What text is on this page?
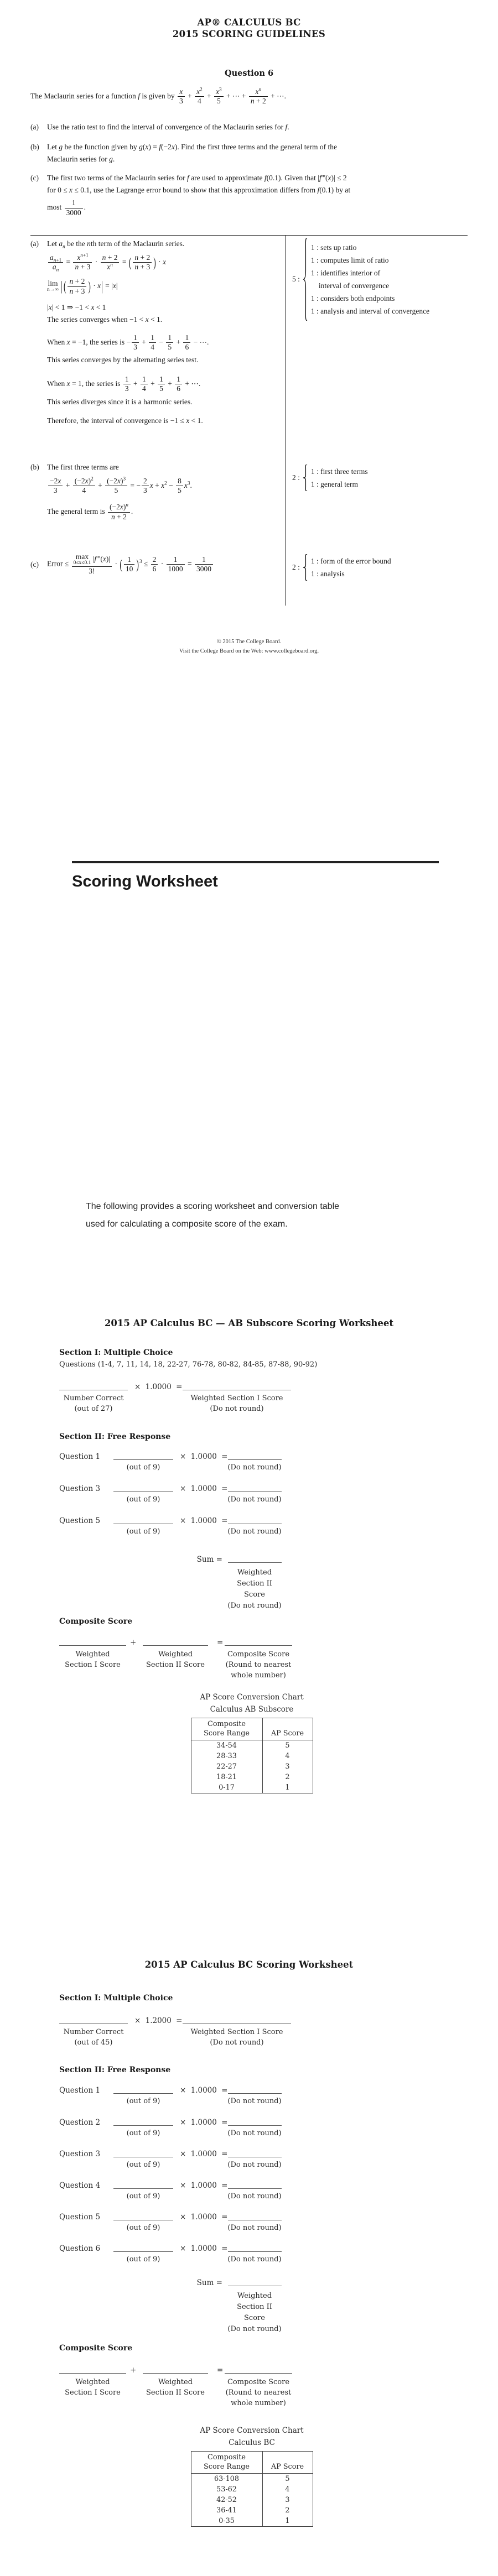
AP® CALCULUS BC
2015 SCORING GUIDELINES
Question 6
The Maclaurin series for a function f is given by $\frac{x}{3} + \frac{x^2}{4} + \frac{x^3}{5}$ + ⋯ + $\frac{x^n}{n + 2}$ + ⋯.
(a)	Use the ratio test to find the interval of convergence of the Maclaurin series for f.
(b)	Let g be the function given by g(x) = f(−2x). Find the first three terms and the general term of the
Maclaurin series for g.
(c)	The first two terms of the Maclaurin series for f are used to approximate f(0.1). Given that |f'''(x)| ≤ 2
for 0 ≤ x ≤ 0.1, use the Lagrange error bound to show that this approximation differs from f(0.1) by at
most $\frac{1}{3000}$ .
(a)	Let $a_n$ be the nth term of the Maclaurin series.
$\frac{a_{n+1}}{a_n} = \frac{x^{n+1}}{n + 3} \cdot \frac{n + 2}{x^n}$ = ( $\frac{n + 2}{n + 3}$ ) · x
lim
n→∞ | ( $\frac{n + 2}{n + 3}$ ) · x| = |x|
|x| < 1 ⇒ −1 < x < 1
The series converges when −1 < x < 1.
When x = −1, the series is − $\frac{1}{3} + \frac{1}{4} - \frac{1}{5} + \frac{1}{6}$ − ⋯.
This series converges by the alternating series test.
When x = 1, the series is $\frac{1}{3} + \frac{1}{4} + \frac{1}{5} + \frac{1}{6}$ + ⋯.
This series diverges since it is a harmonic series.
Therefore, the interval of convergence is −1 ≤ x < 1.
5 :
1 : sets up ratio
1 : computes limit of ratio
1 : identifies interior of
interval of convergence
1 : considers both endpoints
1 : analysis and interval of convergence
(b)	The first three terms are
$\frac{-2x}{3} + \frac{(-2x)^2}{4} + \frac{(-2x)^3}{5}$ = − $\frac{2}{3}$ $x + x^2 - \frac{8}{5} x^3$.
The general term is $\frac{(-2x)^n}{n + 2}$ .
2 :
1 : first three terms
1 : general term
(c)	Error ≤ max
0≤x≤0.1
|f'''(x)|
3! · ( $\frac{1}{10} )^3 \le \frac{2}{6} \cdot \frac{1}{1000} = \frac{1}{3000}$	2 :
1 : form of the error bound
1 : analysis
© 2015 The College Board.
Visit the College Board on the Web: www.collegeboard.org.
Scoring Worksheet
The following provides a scoring worksheet and conversion table
used for calculating a composite score of the exam.
2015 AP Calculus BC — AB Subscore Scoring Worksheet
Section I: Multiple Choice
Questions (1-4, 7, 11, 14, 18, 22-27, 76-78, 80-82, 84-85, 87-88, 90-92)
× 1.0000 =
Number Correct
(out of 27)
Weighted Section I Score
(Do not round)
Section II: Free Response
Question 1	× 1.0000 =
(out of 9)	(Do not round)
Question 3	× 1.0000 =
(out of 9)	(Do not round)
Question 5	× 1.0000 =
(out of 9)	(Do not round)
Sum =
Weighted
Section II
Score
(Do not round)
Composite Score
+	=
Weighted
Section I Score
Weighted
Section II Score
Composite Score
(Round to nearest
whole number)
AP Score Conversion Chart
Calculus AB Subscore
Composite
Score Range	AP Score

34-54	5
28-33	4
22-27	3
18-21	2
0-17	1
2015 AP Calculus BC Scoring Worksheet
Section I: Multiple Choice
× 1.2000 =
Number Correct
(out of 45)
Weighted Section I Score
(Do not round)
Section II: Free Response
Question 1	× 1.0000 =
(out of 9)	(Do not round)
Question 2	× 1.0000 =
(out of 9)	(Do not round)
Question 3	× 1.0000 =
(out of 9)	(Do not round)
Question 4	× 1.0000 =
(out of 9)	(Do not round)
Question 5	× 1.0000 =
(out of 9)	(Do not round)
Question 6	× 1.0000 =
(out of 9)	(Do not round)
Sum =
Weighted
Section II
Score
(Do not round)
Composite Score
+	=
Weighted
Section I Score
Weighted
Section II Score
Composite Score
(Round to nearest
whole number)
AP Score Conversion Chart
Calculus BC
Composite
Score Range	AP Score

63-108	5
53-62	4
42-52	3
36-41	2
0-35	1
